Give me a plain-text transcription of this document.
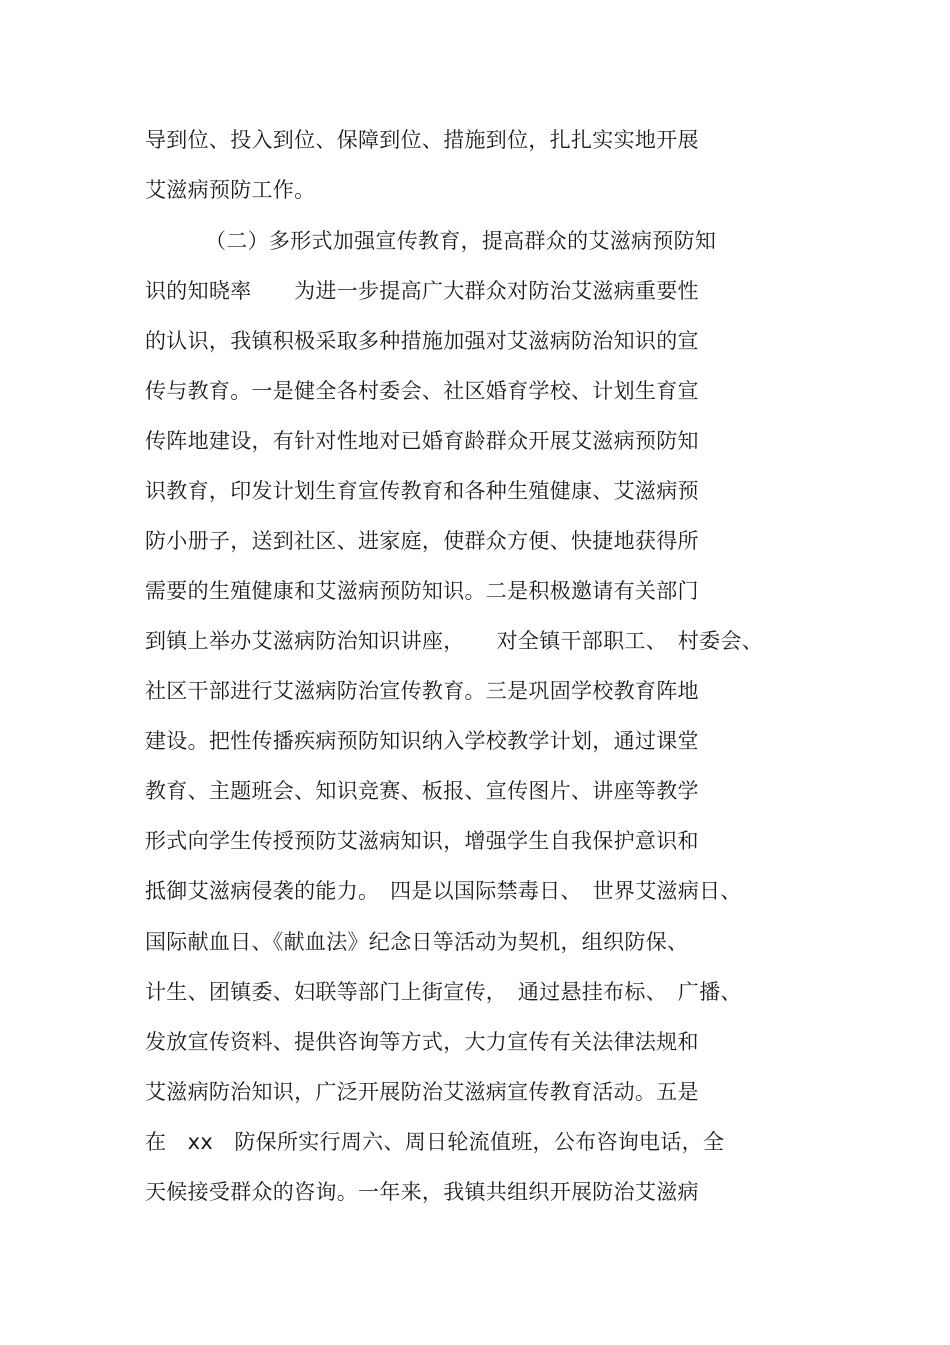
导到位、投入到位、保障到位、措施到位，扎扎实实地开展
艾滋病预防工作。
（二）多形式加强宣传教育，提高群众的艾滋病预防知
识的知晓率　　为进一步提高广大群众对防治艾滋病重要性
的认识，我镇积极采取多种措施加强对艾滋病防治知识的宣
传与教育。一是健全各村委会、社区婚育学校、计划生育宣
传阵地建设，有针对性地对已婚育龄群众开展艾滋病预防知
识教育，印发计划生育宣传教育和各种生殖健康、艾滋病预
防小册子，送到社区、进家庭，使群众方便、快捷地获得所
需要的生殖健康和艾滋病预防知识。二是积极邀请有关部门
到镇上举办艾滋病防治知识讲座，　　对全镇干部职工、　村委会、
社区干部进行艾滋病防治宣传教育。三是巩固学校教育阵地
建设。把性传播疾病预防知识纳入学校教学计划，通过课堂
教育、主题班会、知识竞赛、板报、宣传图片、讲座等教学
形式向学生传授预防艾滋病知识，增强学生自我保护意识和
抵御艾滋病侵袭的能力。　四是以国际禁毒日、　世界艾滋病日、
国际献血日、《献血法》纪念日等活动为契机，组织防保、
计生、团镇委、妇联等部门上街宣传，　通过悬挂布标、　广播、
发放宣传资料、提供咨询等方式，大力宣传有关法律法规和
艾滋病防治知识，广泛开展防治艾滋病宣传教育活动。五是
在　xx　防保所实行周六、周日轮流值班，公布咨询电话，全
天候接受群众的咨询。一年来，我镇共组织开展防治艾滋病
